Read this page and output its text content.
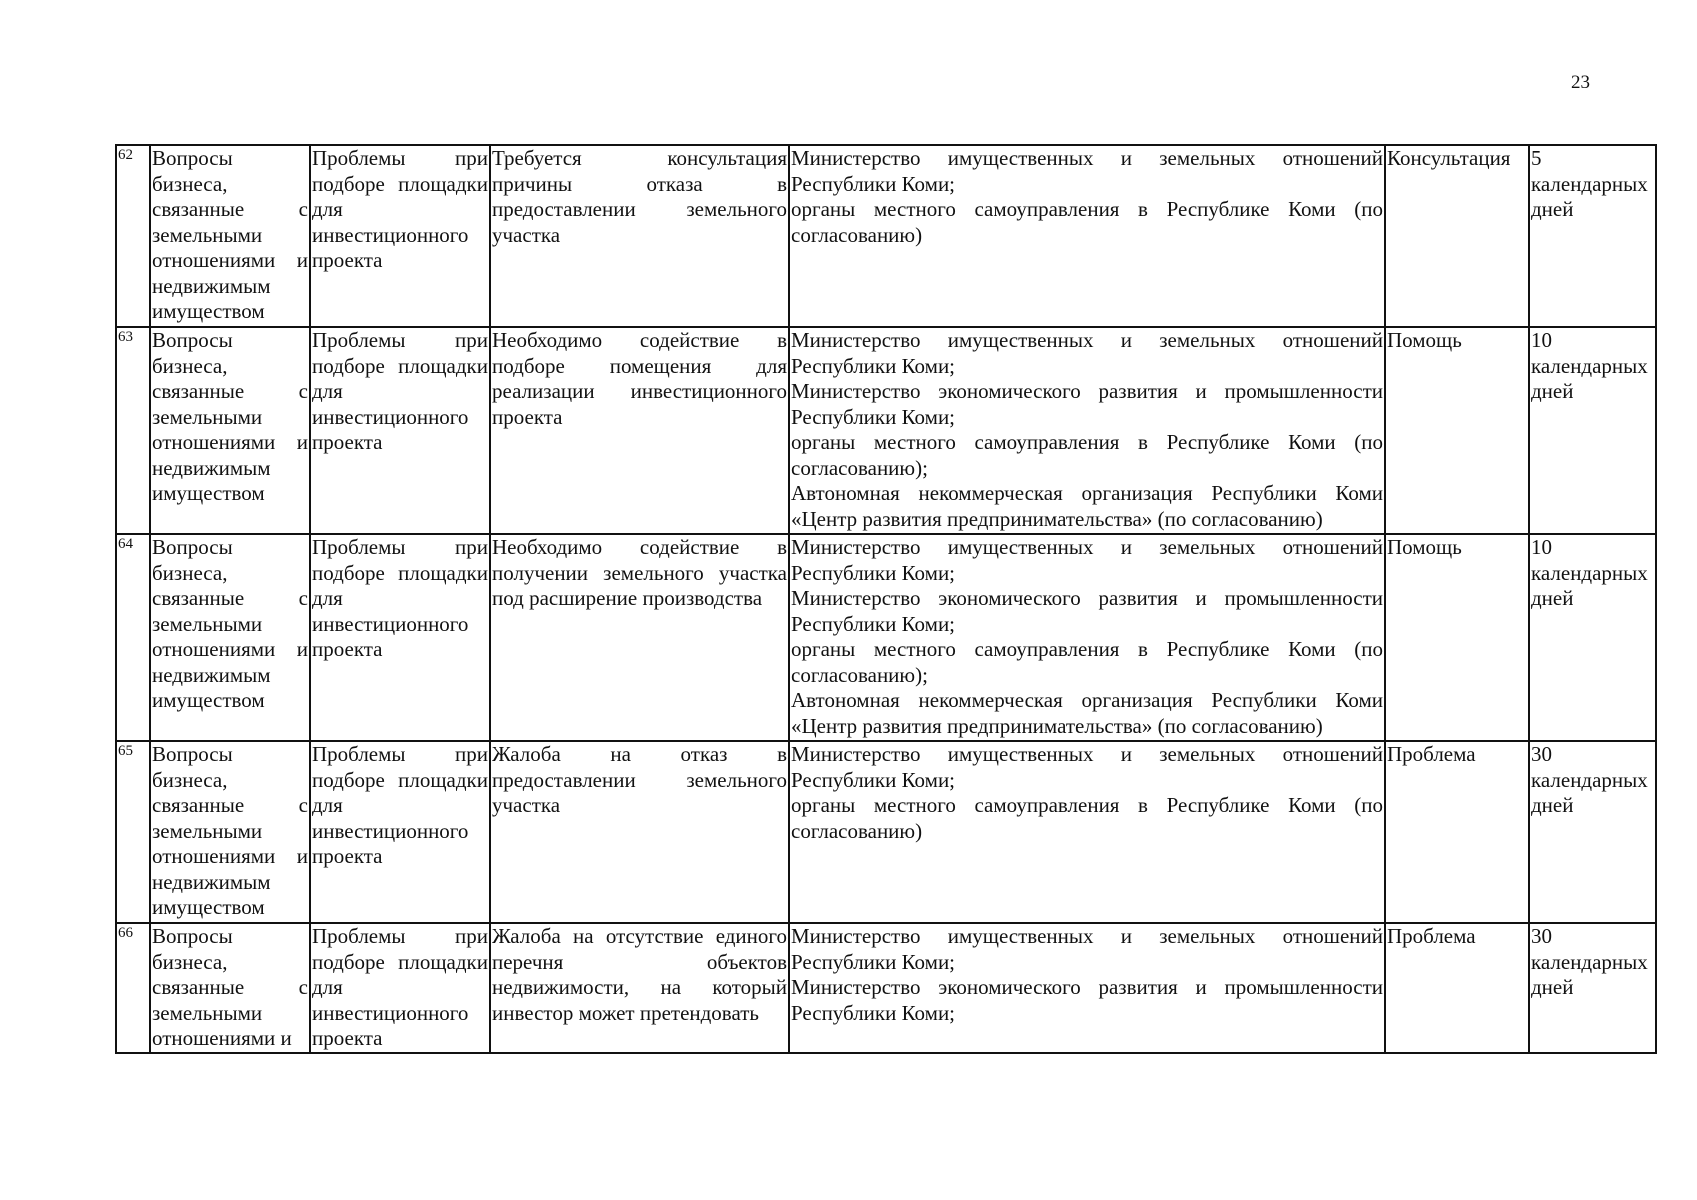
23
62	Вопросы бизнеса, связанные с земельными отношениями и недвижимым имуществом	Проблемы при подборе площадки для инвестиционного проекта	Требуется консультация причины отказа в предоставлении земельного участка	Министерство имущественных и земельных отношений Республики Коми;
органы местного самоуправления в Республике Коми (по согласованию)	Консультация	5 календарных дней
63	Вопросы бизнеса, связанные с земельными отношениями и недвижимым имуществом	Проблемы при подборе площадки для инвестиционного проекта	Необходимо содействие в подборе помещения для реализации инвестиционного проекта	Министерство имущественных и земельных отношений Республики Коми;
Министерство экономического развития и промышленности Республики Коми;
органы местного самоуправления в Республике Коми (по согласованию);
Автономная некоммерческая организация Республики Коми «Центр развития предпринимательства» (по согласованию)	Помощь	10 календарных дней
64	Вопросы бизнеса, связанные с земельными отношениями и недвижимым имуществом	Проблемы при подборе площадки для инвестиционного проекта	Необходимо содействие в получении земельного участка под расширение производства	Министерство имущественных и земельных отношений Республики Коми;
Министерство экономического развития и промышленности Республики Коми;
органы местного самоуправления в Республике Коми (по согласованию);
Автономная некоммерческая организация Республики Коми «Центр развития предпринимательства» (по согласованию)	Помощь	10 календарных дней
65	Вопросы бизнеса, связанные с земельными отношениями и недвижимым имуществом	Проблемы при подборе площадки для инвестиционного проекта	Жалоба на отказ в предоставлении земельного участка	Министерство имущественных и земельных отношений Республики Коми;
органы местного самоуправления в Республике Коми (по согласованию)	Проблема	30 календарных дней
66	Вопросы бизнеса, связанные с земельными отношениями и	Проблемы при подборе площадки для инвестиционного проекта	Жалоба на отсутствие единого перечня объектов недвижимости, на который инвестор может претендовать	Министерство имущественных и земельных отношений Республики Коми;
Министерство экономического развития и промышленности Республики Коми;	Проблема	30 календарных дней
